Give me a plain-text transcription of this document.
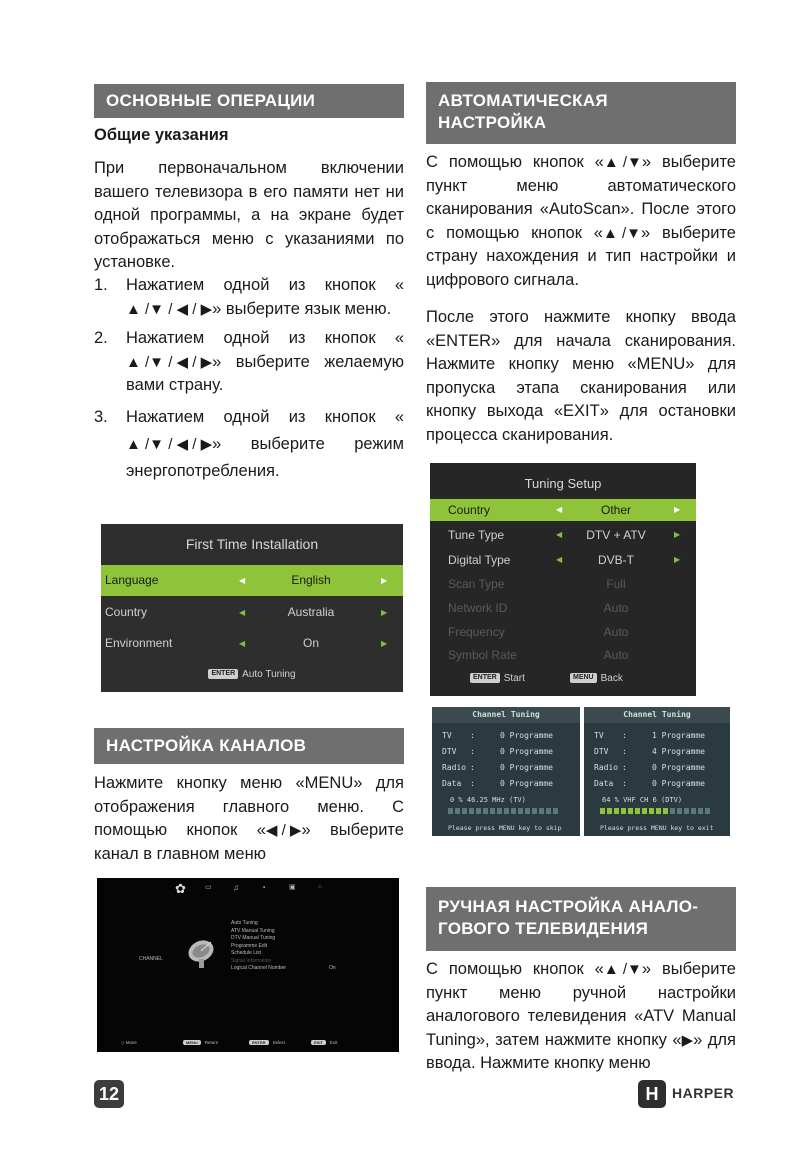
ОСНОВНЫЕ ОПЕРАЦИИ
Общие указания
При первоначальном включении вашего телевизора в его памяти нет ни одной программы, а на экране будет отображаться меню с указаниями по установке.
1. Нажатием одной из кнопок «▲ /▼ / ◀ / ▶» выберите язык меню.
2. Нажатием одной из кнопок «▲ /▼ / ◀ / ▶» выберите желаемую вами страну.
3. Нажатием одной из кнопок «▲ /▼ / ◀ / ▶» выберите режим энергопотребления.
First Time Installation
Language	◀	English	▶
Country	◀	Australia	▶
Environment	◀	On	▶
ENTER Auto Tuning
НАСТРОЙКА КАНАЛОВ
Нажмите кнопку меню «MENU» для отображения главного меню. С помощью кнопок «◀ / ▶» выберите канал в главном меню
✿	▭	♫	◔	▣	⁘
CHANNEL
Auto Tuning
ATV Manual Tuning
DTV Manual Tuning
Programme Edit
Schedule List
Signal Information
Logical Channel Number	On
◇ Move	MENU Return	ENTER Select	EXIT Exit
АВТОМАТИЧЕСКАЯ
НАСТРОЙКА
С помощью кнопок «▲ /▼» выберите пункт меню автоматического сканирования «AutoScan». После этого с помощью кнопок «▲ /▼» выберите страну нахождения и тип настройки и цифрового сигнала.
После этого нажмите кнопку ввода «ENTER» для начала сканирования. Нажмите кнопку меню «MENU» для пропуска этапа сканирования или кнопку выхода «EXIT» для остановки процесса сканирования.
Tuning Setup
Country	◀	Other	▶
Tune Type	◀	DTV + ATV	▶
Digital Type	◀	DVB-T	▶
Scan Type	Full
Network ID	Auto
Frequency	Auto
Symbol Rate	Auto
ENTER Start	MENU Back
Channel Tuning
TV :	0 Programme
DTV :	0 Programme
Radio :	0 Programme
Data :	0 Programme
0 % 46.25 MHz (TV)
Please press MENU key to skip
Channel Tuning
TV :	1 Programme
DTV :	4 Programme
Radio :	0 Programme
Data :	0 Programme
64 % VHF CH 6 (DTV)
Please press MENU key to exit
РУЧНАЯ НАСТРОЙКА АНАЛО-
ГОВОГО ТЕЛЕВИДЕНИЯ
С помощью кнопок «▲ /▼» выберите пункт меню ручной настройки аналогового телевидения «ATV Manual Tuning», затем нажмите кнопку «▶» для ввода. Нажмите кнопку меню
12	H HARPER
